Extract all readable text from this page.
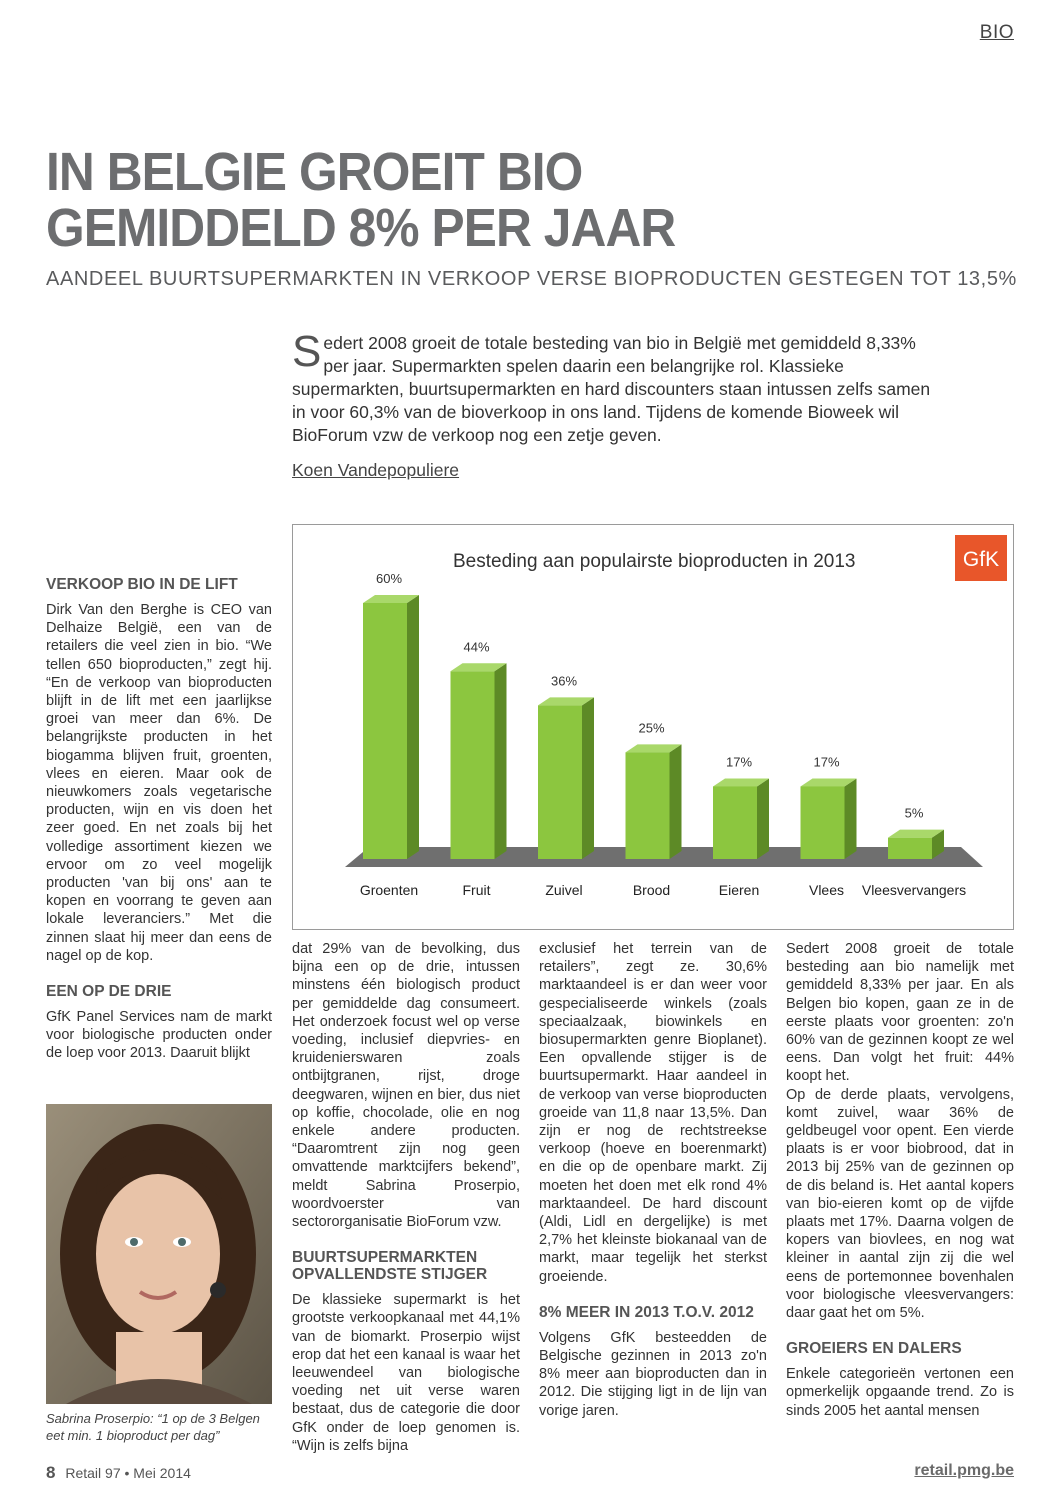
BIO
IN BELGIE GROEIT BIO
GEMIDDELD 8% PER JAAR
AANDEEL BUURTSUPERMARKTEN IN VERKOOP VERSE BIOPRODUCTEN GESTEGEN TOT 13,5%
S edert 2008 groeit de totale besteding van bio in België met gemiddeld 8,33% per jaar. Supermarkten spelen daarin een belangrijke rol. Klassieke supermarkten, buurtsupermarkten en hard discounters staan intussen zelfs samen in voor 60,3% van de bioverkoop in ons land. Tijdens de komende Bioweek wil BioForum vzw de verkoop nog een zetje geven.
Koen Vandepopuliere
Besteding aan populairste bioproducten in 2013	GfK
60%
Groenten
44%
Fruit
36%
Zuivel
25%
Brood
17%
Eieren
17%
Vlees
5%
Vleesvervangers
VERKOOP BIO IN DE LIFT

Dirk Van den Berghe is CEO van Delhaize België, een van de retailers die veel zien in bio. “We tellen 650 bioproducten,” zegt hij. “En de verkoop van bioproducten blijft in de lift met een jaarlijkse groei van meer dan 6%. De belangrijkste producten in het biogamma blijven fruit, groenten, vlees en eieren. Maar ook de nieuwkomers zoals vegetarische producten, wijn en vis doen het zeer goed. En net zoals bij het volledige assortiment kiezen we ervoor om zo veel mogelijk producten 'van bij ons' aan te kopen en voorrang te geven aan lokale leveranciers.” Met die zinnen slaat hij meer dan eens de nagel op de kop.

EEN OP DE DRIE

GfK Panel Services nam de markt voor biologische producten onder de loep voor 2013. Daaruit blijkt

Sabrina Proserpio: “1 op de 3 Belgen eet min. 1 bioproduct per dag”

dat 29% van de bevolking, dus bijna een op de drie, intussen minstens één biologisch product per gemiddelde dag consumeert. Het onderzoek focust wel op verse voeding, inclusief diepvries- en kruidenierswaren zoals ontbijtgranen, rijst, droge deegwaren, wijnen en bier, dus niet op koffie, chocolade, olie en nog enkele andere producten. “Daaromtrent zijn nog geen omvattende marktcijfers bekend”, meldt Sabrina Proserpio, woordvoerster van sectororganisatie BioForum vzw.

BUURTSUPERMARKTEN OPVALLENDSTE STIJGER

De klassieke supermarkt is het grootste verkoopkanaal met 44,1% van de biomarkt. Proserpio wijst erop dat het een kanaal is waar het leeuwendeel van biologische voeding net uit verse waren bestaat, dus de categorie die door GfK onder de loep genomen is. “Wijn is zelfs bijna

exclusief het terrein van de retailers”, zegt ze. 30,6% marktaandeel is er dan weer voor gespecialiseerde winkels (zoals speciaalzaak, biowinkels en biosupermarkten genre Bioplanet). Een opvallende stijger is de buurtsupermarkt. Haar aandeel in de verkoop van verse bioproducten groeide van 11,8 naar 13,5%. Dan zijn er nog de rechtstreekse verkoop (hoeve en boerenmarkt) en die op de openbare markt. Zij moeten het doen met elk rond 4% marktaandeel. De hard discount (Aldi, Lidl en dergelijke) is met 2,7% het kleinste biokanaal van de markt, maar tegelijk het sterkst groeiende.

8% MEER IN 2013 T.O.V. 2012

Volgens GfK besteedden de Belgische gezinnen in 2013 zo'n 8% meer aan bioproducten dan in 2012. Die stijging ligt in de lijn van vorige jaren.

Sedert 2008 groeit de totale besteding aan bio namelijk met gemiddeld 8,33% per jaar. En als Belgen bio kopen, gaan ze in de eerste plaats voor groenten: zo'n 60% van de gezinnen koopt ze wel eens. Dan volgt het fruit: 44% koopt het.

Op de derde plaats, vervolgens, komt zuivel, waar 36% de geldbeugel voor opent. Een vierde plaats is er voor biobrood, dat in 2013 bij 25% van de gezinnen op de dis beland is. Het aantal kopers van bio-eieren komt op de vijfde plaats met 17%. Daarna volgen de kopers van biovlees, en nog wat kleiner in aantal zijn zij die wel eens de portemonnee bovenhalen voor biologische vleesvervangers: daar gaat het om 5%.

GROEIERS EN DALERS

Enkele categorieën vertonen een opmerkelijk opgaande trend. Zo is sinds 2005 het aantal mensen

8 Retail 97 • Mei 2014	retail.pmg.be
